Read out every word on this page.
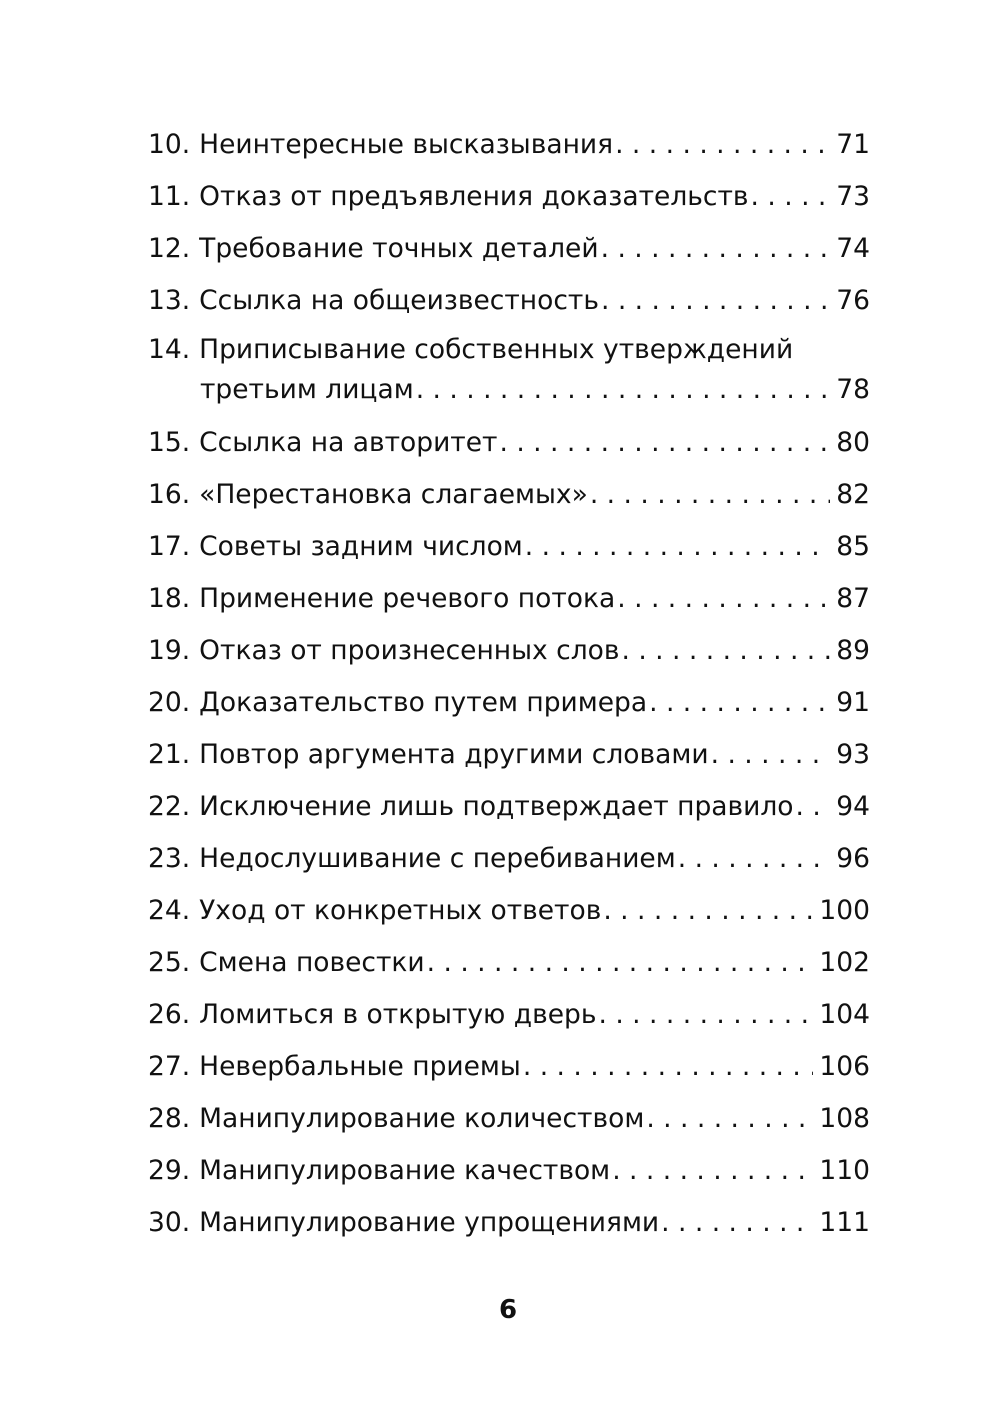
10. Неинтересные высказывания . . .	71
11. Отказ от предъявления доказательств . . .	73
12. Требование точных деталей . . .	74
13. Ссылка на общеизвестность . . .	76
14. Приписывание собственных утверждений
третьим лицам . . .	78
15. Ссылка на авторитет . . .	80
16. «Перестановка слагаемых» . . .	82
17. Советы задним числом . . .	85
18. Применение речевого потока . . .	87
19. Отказ от произнесенных слов . . .	89
20. Доказательство путем примера . . .	91
21. Повтор аргумента другими словами . . .	93
22. Исключение лишь подтверждает правило . . . 94
23. Недослушивание с перебиванием . . .	96
24. Уход от конкретных ответов . . .	100
25. Смена повестки . . .	102
26. Ломиться в открытую дверь . . .	104
27. Невербальные приемы . . .	106
28. Манипулирование количеством . . .	108
29. Манипулирование качеством . . .	110
30. Манипулирование упрощениями . . .	111
6
